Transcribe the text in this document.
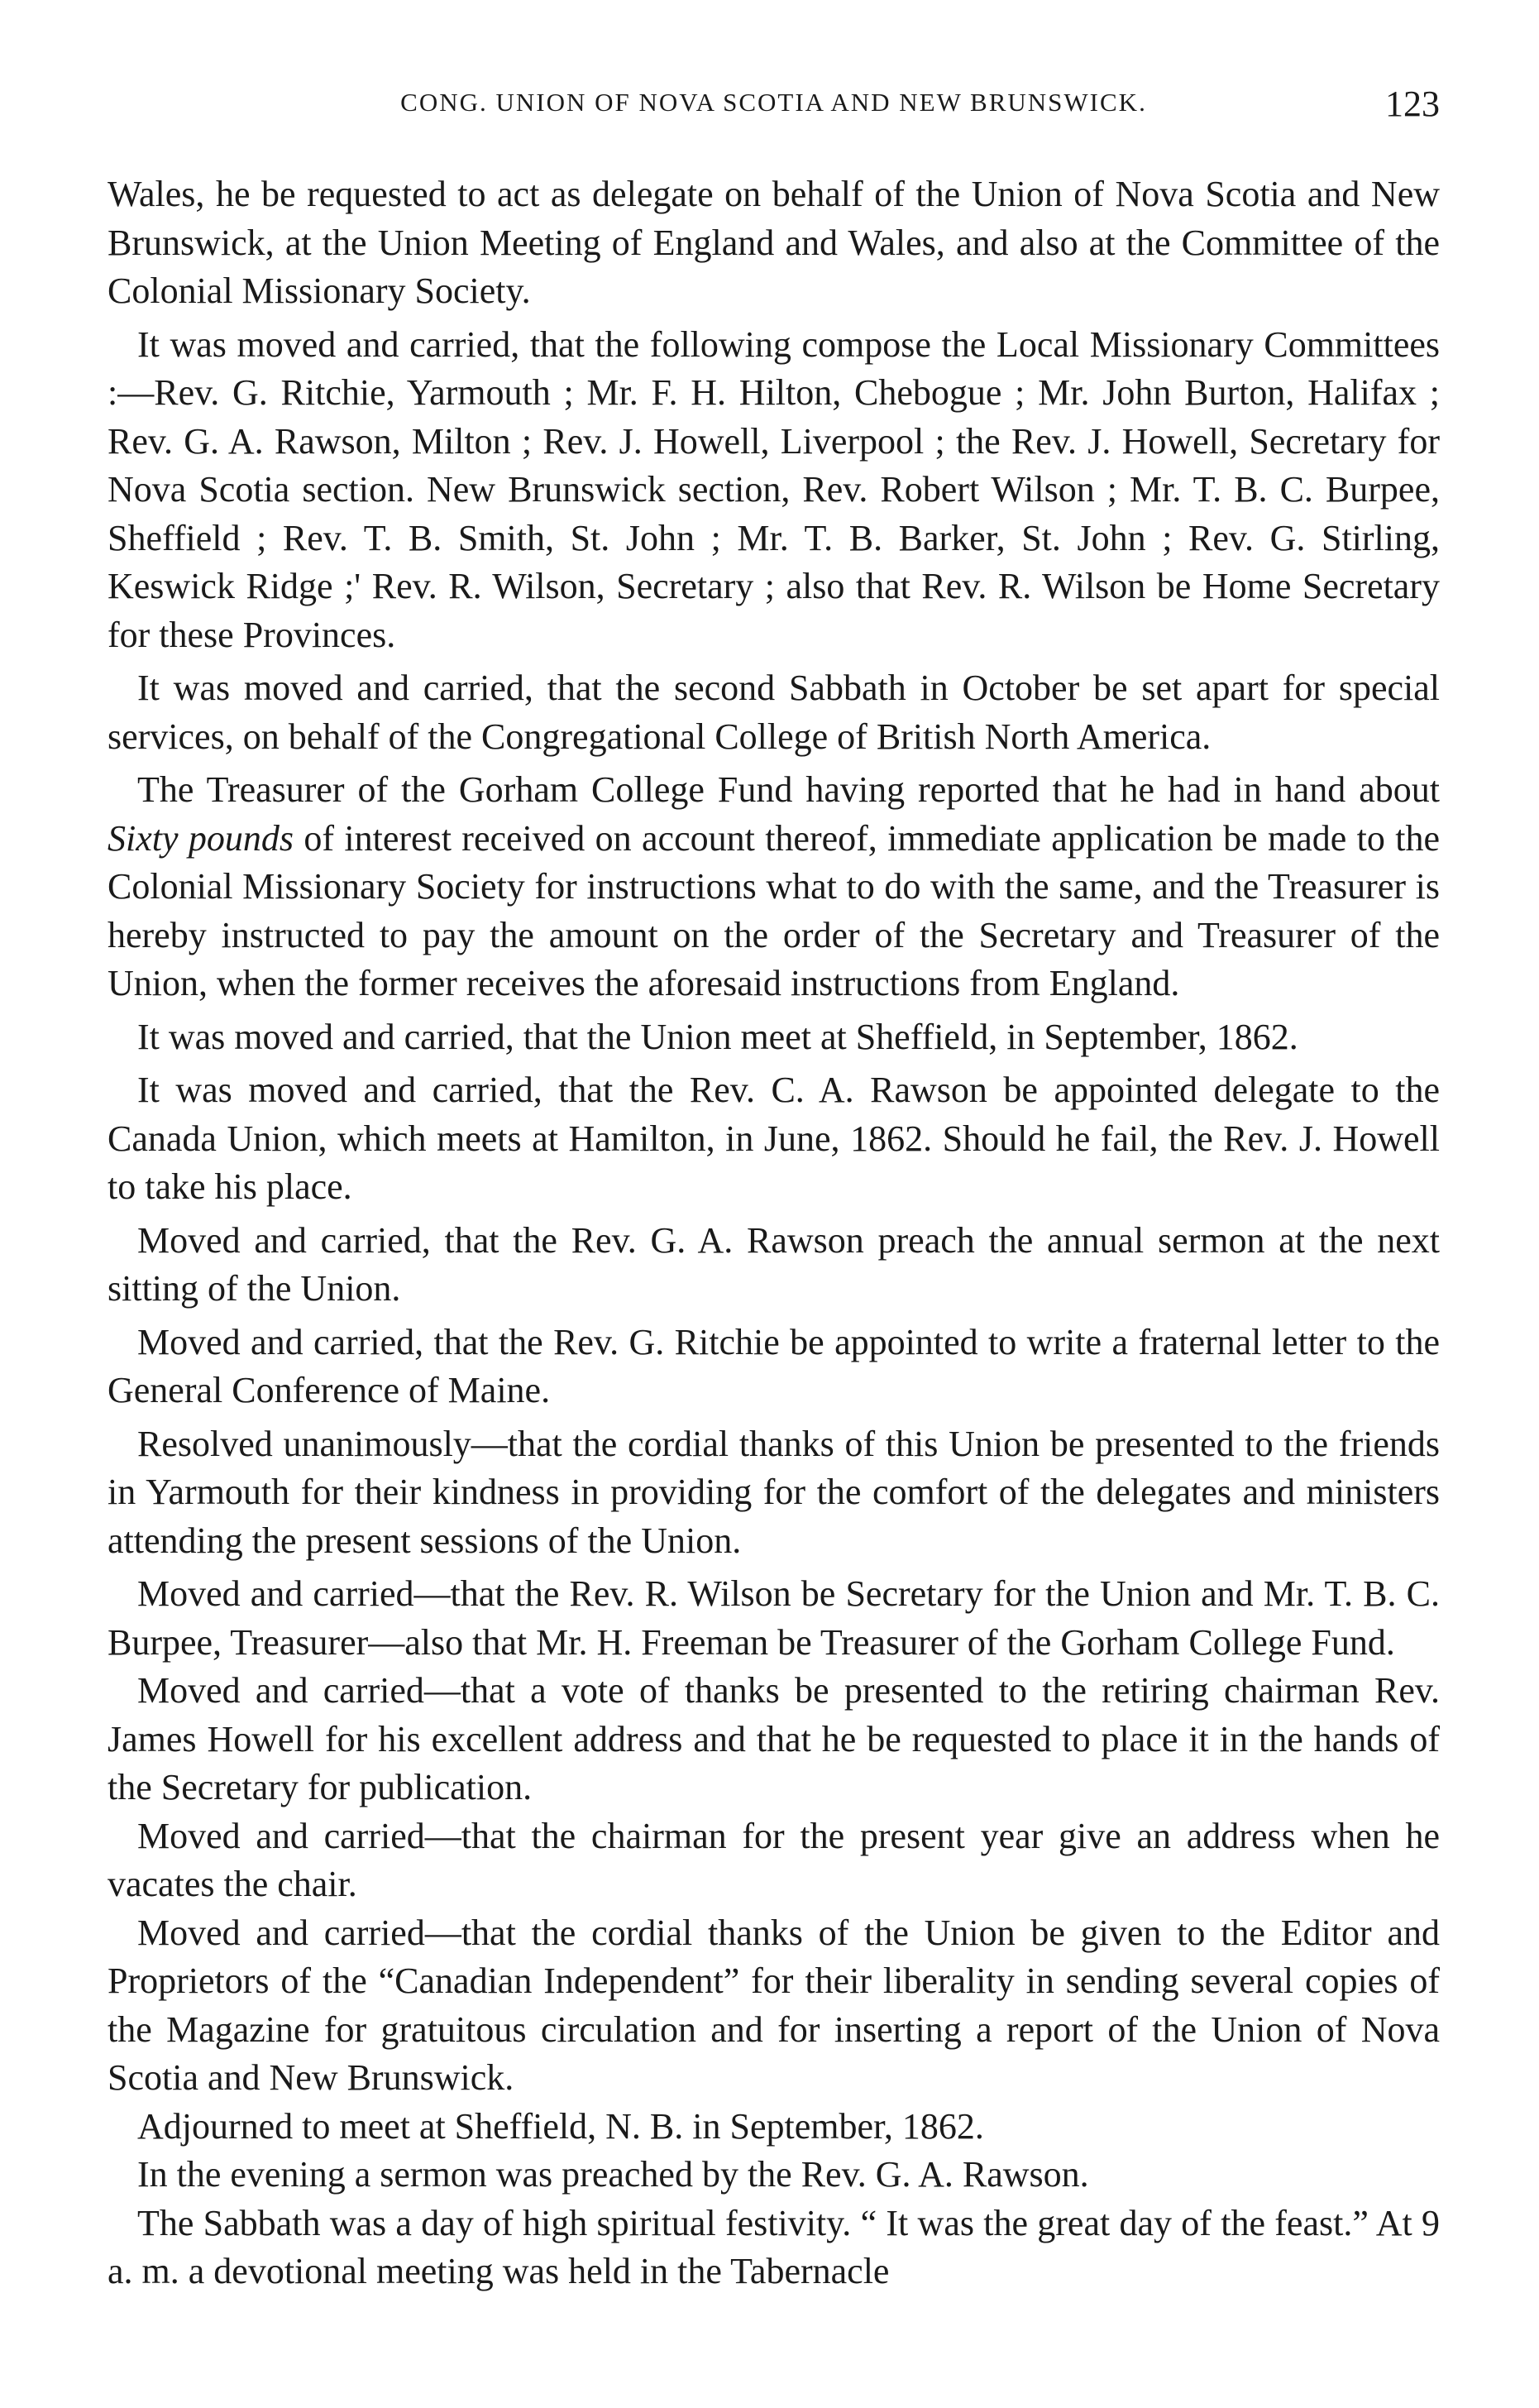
CONG. UNION OF NOVA SCOTIA AND NEW BRUNSWICK.	123

Wales, he be requested to act as delegate on behalf of the Union of Nova Scotia and New Brunswick, at the Union Meeting of England and Wales, and also at the Committee of the Colonial Missionary Society.

It was moved and carried, that the following compose the Local Missionary Committees :—Rev. G. Ritchie, Yarmouth ; Mr. F. H. Hilton, Chebogue ; Mr. John Burton, Halifax ; Rev. G. A. Rawson, Milton ; Rev. J. Howell, Liverpool ; the Rev. J. Howell, Secretary for Nova Scotia section. New Brunswick section, Rev. Robert Wilson ; Mr. T. B. C. Burpee, Sheffield ; Rev. T. B. Smith, St. John ; Mr. T. B. Barker, St. John ; Rev. G. Stirling, Keswick Ridge ;' Rev. R. Wilson, Secretary ; also that Rev. R. Wilson be Home Secretary for these Provinces.

It was moved and carried, that the second Sabbath in October be set apart for special services, on behalf of the Congregational College of British North America.

The Treasurer of the Gorham College Fund having reported that he had in hand about Sixty pounds of interest received on account thereof, immediate application be made to the Colonial Missionary Society for instructions what to do with the same, and the Treasurer is hereby instructed to pay the amount on the order of the Secretary and Treasurer of the Union, when the former receives the aforesaid instructions from England.

It was moved and carried, that the Union meet at Sheffield, in September, 1862.

It was moved and carried, that the Rev. C. A. Rawson be appointed delegate to the Canada Union, which meets at Hamilton, in June, 1862. Should he fail, the Rev. J. Howell to take his place.

Moved and carried, that the Rev. G. A. Rawson preach the annual sermon at the next sitting of the Union.

Moved and carried, that the Rev. G. Ritchie be appointed to write a fraternal letter to the General Conference of Maine.

Resolved unanimously—that the cordial thanks of this Union be presented to the friends in Yarmouth for their kindness in providing for the comfort of the delegates and ministers attending the present sessions of the Union.

Moved and carried—that the Rev. R. Wilson be Secretary for the Union and Mr. T. B. C. Burpee, Treasurer—also that Mr. H. Freeman be Treasurer of the Gorham College Fund.

Moved and carried—that a vote of thanks be presented to the retiring chairman Rev. James Howell for his excellent address and that he be requested to place it in the hands of the Secretary for publication.

Moved and carried—that the chairman for the present year give an address when he vacates the chair.

Moved and carried—that the cordial thanks of the Union be given to the Editor and Proprietors of the “Canadian Independent” for their liberality in sending several copies of the Magazine for gratuitous circulation and for inserting a report of the Union of Nova Scotia and New Brunswick.

Adjourned to meet at Sheffield, N. B. in September, 1862.

In the evening a sermon was preached by the Rev. G. A. Rawson.

The Sabbath was a day of high spiritual festivity. “ It was the great day of the feast.” At 9 a. m. a devotional meeting was held in the Tabernacle
